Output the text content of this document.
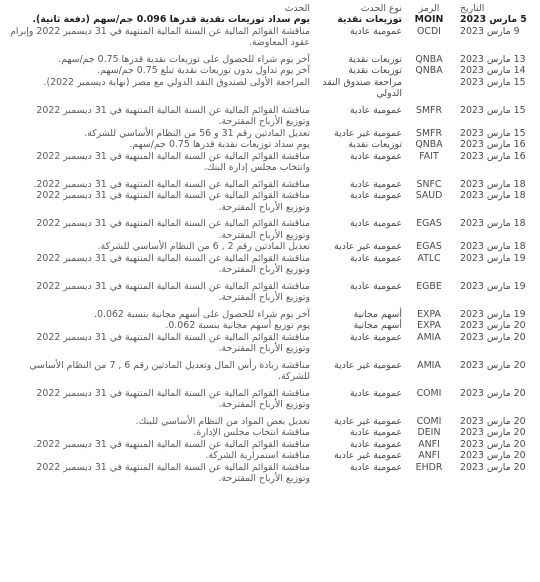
التاريخ	الرمز	نوع الحدث	الحدث
5 مارس 2023	MOIN	توزيعات نقدية	يوم سداد توزيعات نقدية قدرها 0.096 جم/سهم (دفعة ثانية).
9 مارس 2023	OCDI	عمومية عادية	مناقشة القوائم المالية عن السنة المالية المنتهية في 31 ديسمبر 2022 وإبرام عقود المعاوضة.
13 مارس 2023	QNBA	توزيعات نقدية	آخر يوم شراء للحصول على توزيعات نقدية قدرها 0.75 جم/سهم.
14 مارس 2023	QNBA	توزيعات نقدية	آخر يوم تداول بدون توزيعات نقدية تبلغ 0.75 جم/سهم.
15 مارس 2023		مراجعة صندوق النقد الدولي	المراجعة الأولى لصندوق النقد الدولي مع مصر (نهاية ديسمبر 2022).
15 مارس 2023	SMFR	عمومية عادية	مناقشة القوائم المالية عن السنة المالية المنتهية في 31 ديسمبر 2022 وتوزيع الأرباح المقترحة.
15 مارس 2023	SMFR	عمومية غير عادية	تعديل المادتين رقم 31 و 56 من النظام الأساسي للشركة.
16 مارس 2023	QNBA	توزيعات نقدية	يوم سداد توزيعات نقدية قدرها 0.75 جم/سهم.
16 مارس 2023	FAIT	عمومية عادية	مناقشة القوائم المالية عن السنة المالية المنتهية في 31 ديسمبر 2022 وانتخاب مجلس إدارة البنك.
18 مارس 2023	SNFC	عمومية عادية	مناقشة القوائم المالية عن السنة المالية المنتهية في 31 ديسمبر 2022.
18 مارس 2023	SAUD	عمومية عادية	مناقشة القوائم المالية عن السنة المالية المنتهية في 31 ديسمبر 2022 وتوزيع الأرباح المقترحة.
18 مارس 2023	EGAS	عمومية عادية	مناقشة القوائم المالية عن السنة المالية المنتهية في 31 ديسمبر 2022 وتوزيع الأرباح المقترحة.
18 مارس 2023	EGAS	عمومية غير عادية	تعديل المادتين رقم 2 , 6 من النظام الأساسي للشركة.
19 مارس 2023	ATLC	عمومية عادية	مناقشة القوائم المالية عن السنة المالية المنتهية في 31 ديسمبر 2022 وتوزيع الأرباح المقترحة.
19 مارس 2023	EGBE	عمومية عادية	مناقشة القوائم المالية عن السنة المالية المنتهية في 31 ديسمبر 2022 وتوزيع الأرباح المقترحة.
19 مارس 2023	EXPA	أسهم مجانية	آخر يوم شراء للحصول على أسهم مجانية بنسبة 0.062.
20 مارس 2023	EXPA	أسهم مجانية	يوم توزيع أسهم مجانية بنسبة 0.062.
20 مارس 2023	AMIA	عمومية عادية	مناقشة القوائم المالية عن السنة المالية المنتهية في 31 ديسمبر 2022 وتوزيع الأرباح المقترحة.
20 مارس 2023	AMIA	عمومية غير عادية	مناقشة زيادة رأس المال وتعديل المادتين رقم 6 , 7 من النظام الأساسي للشركة.
20 مارس 2023	COMI	عمومية عادية	مناقشة القوائم المالية عن السنة المالية المنتهية في 31 ديسمبر 2022 وتوزيع الأرباح المقترحة.
20 مارس 2023	COMI	عمومية غير عادية	تعديل بعض المواد من النظام الأساسي للبنك.
20 مارس 2023	DEIN	عمومية عادية	مناقشة انتخاب مجلس الإدارة.
20 مارس 2023	ANFI	عمومية عادية	مناقشة القوائم المالية عن السنة المالية المنتهية في 31 ديسمبر 2022.
20 مارس 2023	ANFI	عمومية غير عادية	مناقشة استمرارية الشركة.
20 مارس 2023	EHDR	عمومية عادية	مناقشة القوائم المالية عن السنة المالية المنتهية في 31 ديسمبر 2022 وتوزيع الأرباح المقترحة.
